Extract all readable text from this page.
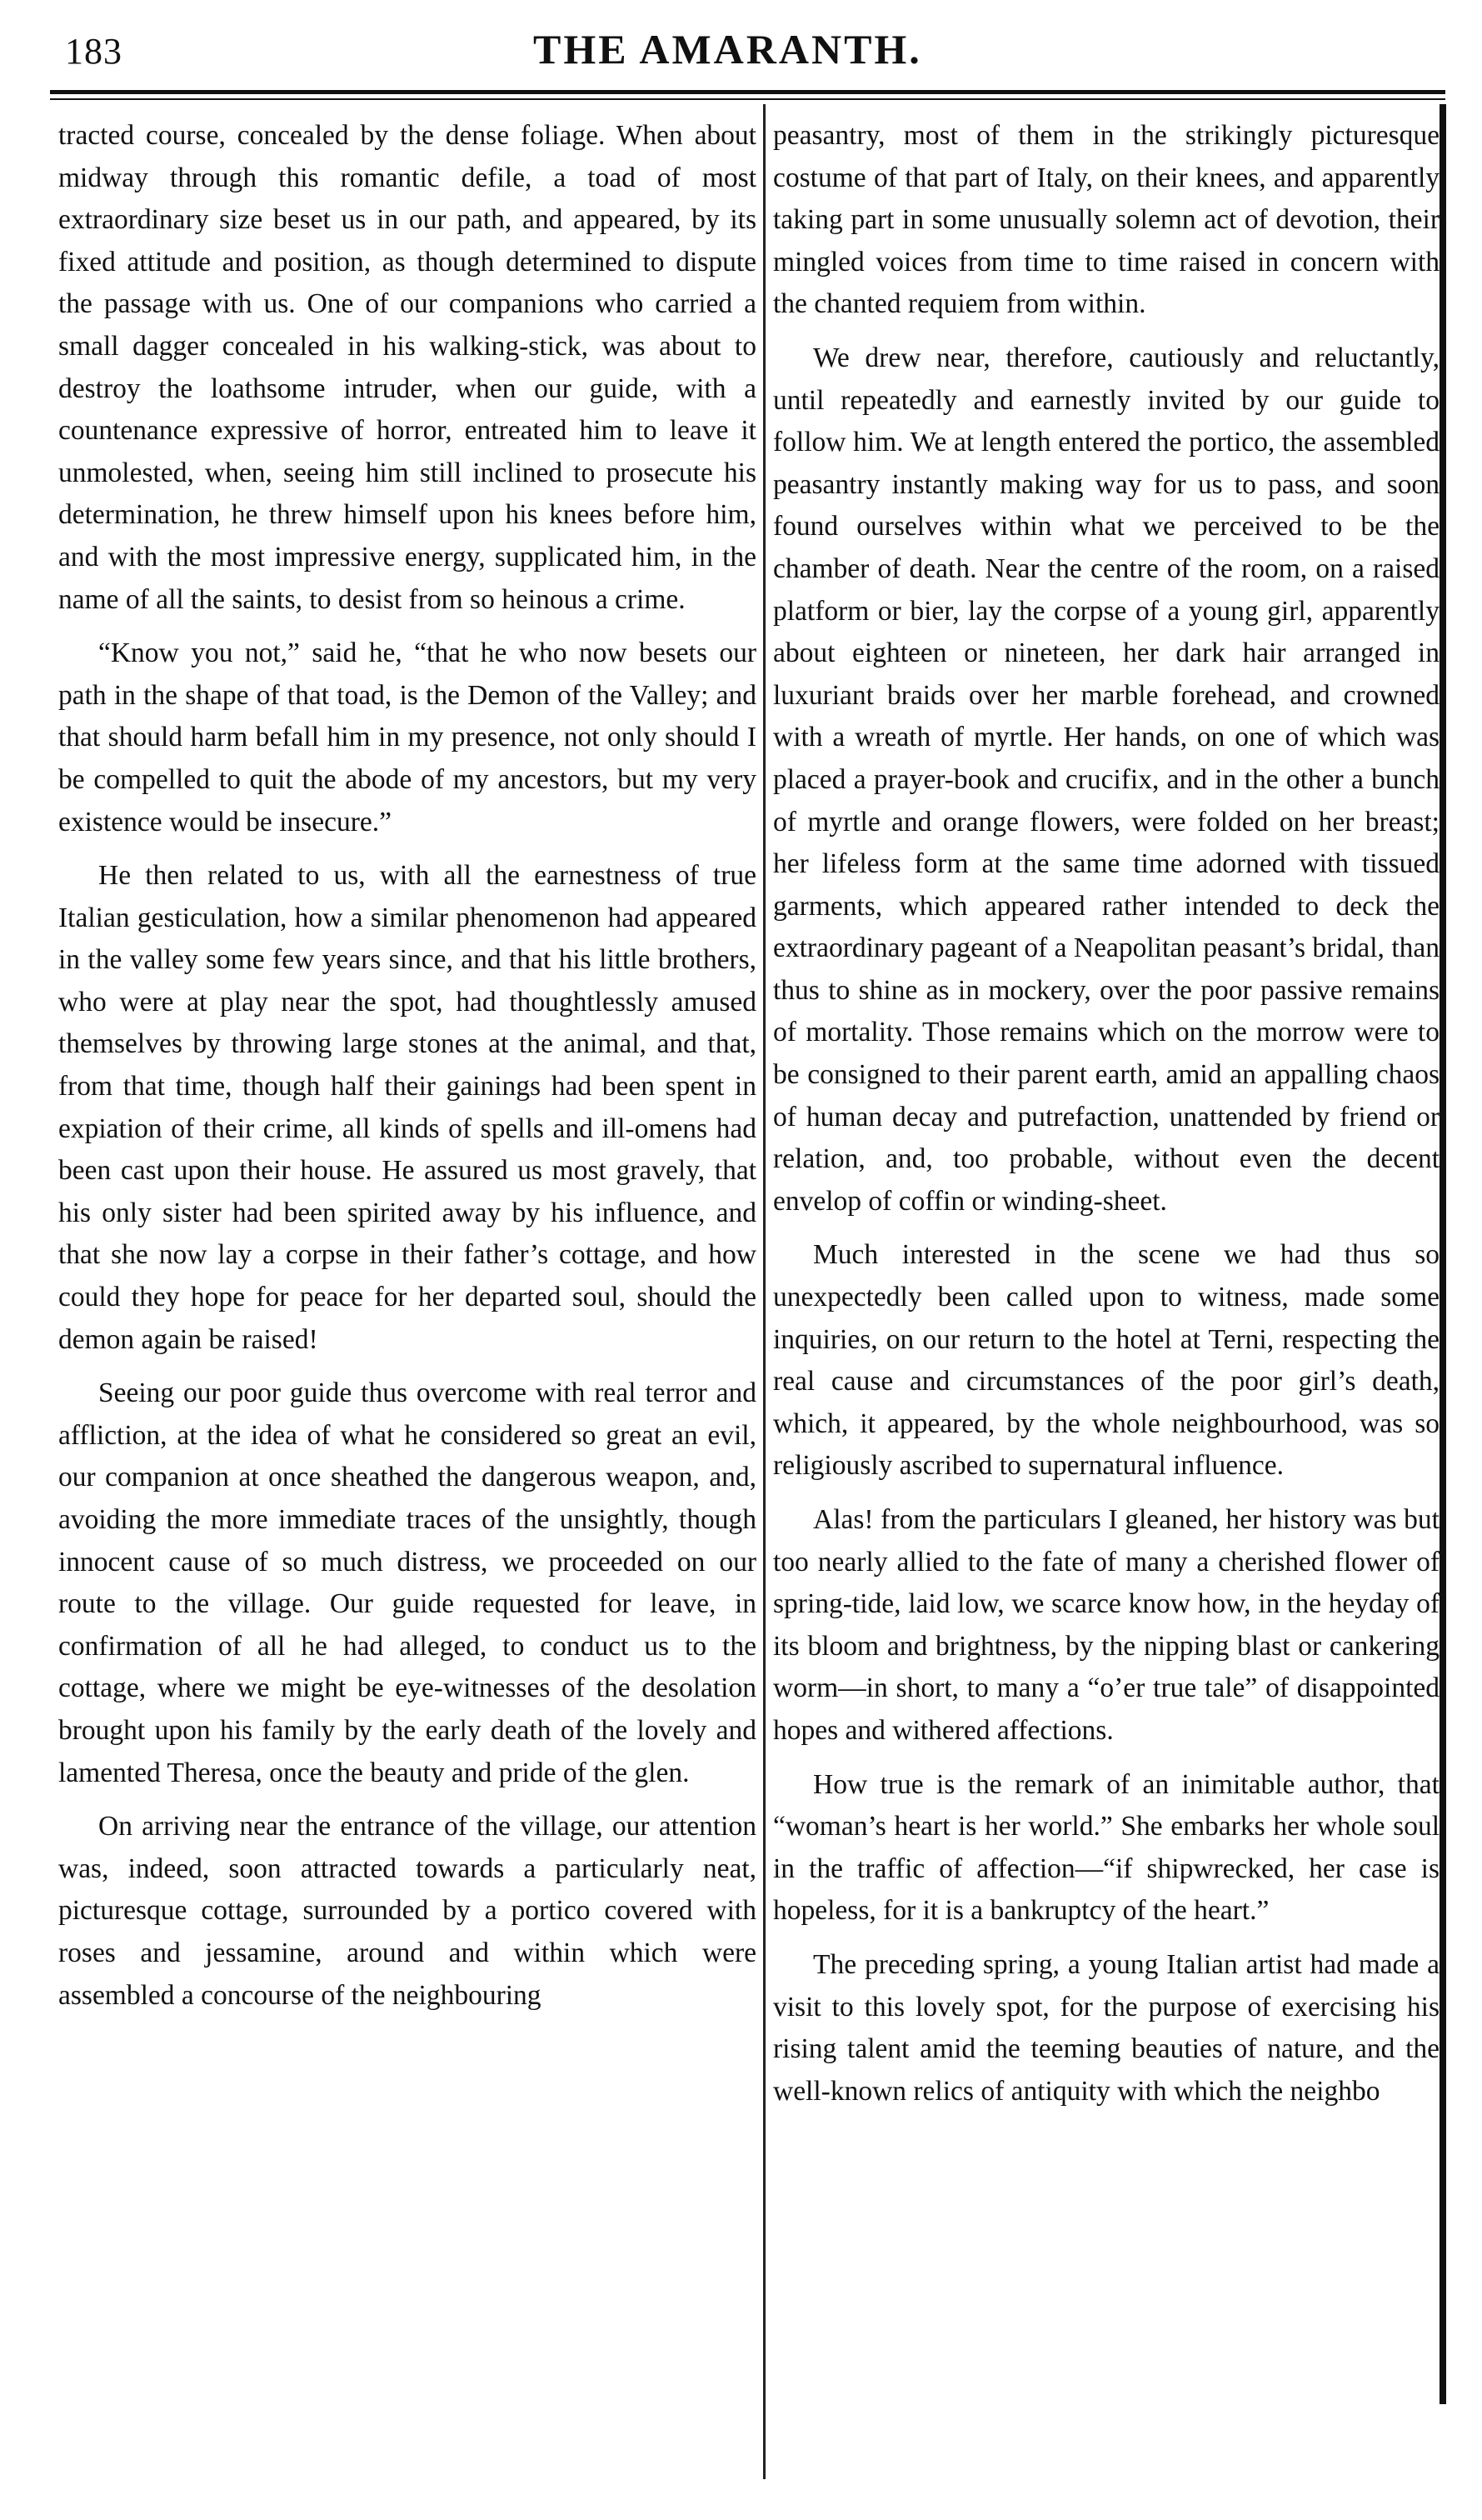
183	THE AMARANTH.

tracted course, concealed by the dense foliage. When about midway through this romantic defile, a toad of most extraordinary size beset us in our path, and appeared, by its fixed attitude and position, as though determined to dispute the passage with us. One of our companions who carried a small dagger concealed in his walking-stick, was about to destroy the loathsome intruder, when our guide, with a countenance expressive of horror, entreated him to leave it unmolested, when, seeing him still inclined to prosecute his determination, he threw himself upon his knees before him, and with the most impressive energy, supplicated him, in the name of all the saints, to desist from so heinous a crime.

“Know you not,” said he, “that he who now besets our path in the shape of that toad, is the Demon of the Valley; and that should harm befall him in my presence, not only should I be compelled to quit the abode of my ancestors, but my very existence would be insecure.”

He then related to us, with all the earnestness of true Italian gesticulation, how a similar phenomenon had appeared in the valley some few years since, and that his little brothers, who were at play near the spot, had thoughtlessly amused themselves by throwing large stones at the animal, and that, from that time, though half their gainings had been spent in expiation of their crime, all kinds of spells and ill-omens had been cast upon their house. He assured us most gravely, that his only sister had been spirited away by his influence, and that she now lay a corpse in their father’s cottage, and how could they hope for peace for her departed soul, should the demon again be raised!

Seeing our poor guide thus overcome with real terror and affliction, at the idea of what he considered so great an evil, our companion at once sheathed the dangerous weapon, and, avoiding the more immediate traces of the unsightly, though innocent cause of so much distress, we proceeded on our route to the village. Our guide requested for leave, in confirmation of all he had alleged, to conduct us to the cottage, where we might be eye-witnesses of the desolation brought upon his family by the early death of the lovely and lamented Theresa, once the beauty and pride of the glen.

On arriving near the entrance of the village, our attention was, indeed, soon attracted towards a particularly neat, picturesque cottage, surrounded by a portico covered with roses and jessamine, around and within which were assembled a concourse of the neighbouring

peasantry, most of them in the strikingly picturesque costume of that part of Italy, on their knees, and apparently taking part in some unusually solemn act of devotion, their mingled voices from time to time raised in concern with the chanted requiem from within.

We drew near, therefore, cautiously and reluctantly, until repeatedly and earnestly invited by our guide to follow him. We at length entered the portico, the assembled peasantry instantly making way for us to pass, and soon found ourselves within what we perceived to be the chamber of death. Near the centre of the room, on a raised platform or bier, lay the corpse of a young girl, apparently about eighteen or nineteen, her dark hair arranged in luxuriant braids over her marble forehead, and crowned with a wreath of myrtle. Her hands, on one of which was placed a prayer-book and crucifix, and in the other a bunch of myrtle and orange flowers, were folded on her breast; her lifeless form at the same time adorned with tissued garments, which appeared rather intended to deck the extraordinary pageant of a Neapolitan peasant’s bridal, than thus to shine as in mockery, over the poor passive remains of mortality. Those remains which on the morrow were to be consigned to their parent earth, amid an appalling chaos of human decay and putrefaction, unattended by friend or relation, and, too probable, without even the decent envelop of coffin or winding-sheet.

Much interested in the scene we had thus so unexpectedly been called upon to witness, made some inquiries, on our return to the hotel at Terni, respecting the real cause and circumstances of the poor girl’s death, which, it appeared, by the whole neighbourhood, was so religiously ascribed to supernatural influence.

Alas! from the particulars I gleaned, her history was but too nearly allied to the fate of many a cherished flower of spring-tide, laid low, we scarce know how, in the heyday of its bloom and brightness, by the nipping blast or cankering worm—in short, to many a “o’er true tale” of disappointed hopes and withered affections.

How true is the remark of an inimitable author, that “woman’s heart is her world.” She embarks her whole soul in the traffic of affection—“if shipwrecked, her case is hopeless, for it is a bankruptcy of the heart.”

The preceding spring, a young Italian artist had made a visit to this lovely spot, for the purpose of exercising his rising talent amid the teeming beauties of nature, and the well-known relics of antiquity with which the neighbo
